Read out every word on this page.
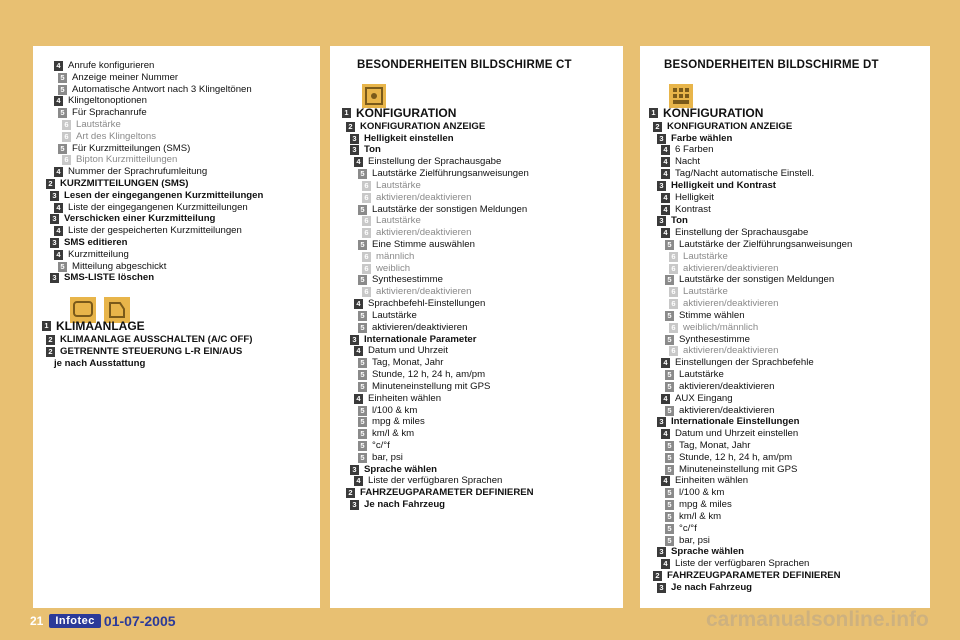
4 Anrufe konfigurieren
5 Anzeige meiner Nummer
5 Automatische Antwort nach 3 Klingeltönen
4 Klingeltonoptionen
5 Für Sprachanrufe
6 Lautstärke
6 Art des Klingeltons
5 Für Kurzmitteilungen (SMS)
6 Bipton Kurzmitteilungen
4 Nummer der Sprachrufumleitung
2 KURZMITTEILUNGEN (SMS)
3 Lesen der eingegangenen Kurzmitteilungen
4 Liste der eingegangenen Kurzmitteilungen
3 Verschicken einer Kurzmitteilung
4 Liste der gespeicherten Kurzmitteilungen
3 SMS editieren
4 Kurzmitteilung
5 Mitteilung abgeschickt
3 SMS-LISTE löschen
1 KLIMAANLAGE
2 KLIMAANLAGE AUSSCHALTEN (A/C OFF)
2 GETRENNTE STEUERUNG L-R EIN/AUS
je nach Ausstattung
BESONDERHEITEN BILDSCHIRME CT
1 KONFIGURATION
2 KONFIGURATION ANZEIGE
3 Helligkeit einstellen
3 Ton
4 Einstellung der Sprachausgabe
5 Lautstärke Zielführungsanweisungen
6 Lautstärke
6 aktivieren/deaktivieren
5 Lautstärke der sonstigen Meldungen
6 Lautstärke
6 aktivieren/deaktivieren
5 Eine Stimme auswählen
6 männlich
6 weiblich
5 Synthesestimme
6 aktivieren/deaktivieren
4 Sprachbefehl-Einstellungen
5 Lautstärke
5 aktivieren/deaktivieren
3 Internationale Parameter
4 Datum und Uhrzeit
5 Tag, Monat, Jahr
5 Stunde, 12 h, 24 h, am/pm
5 Minuteneinstellung mit GPS
4 Einheiten wählen
5 l/100 & km
5 mpg & miles
5 km/l & km
5 °c/°f
5 bar, psi
3 Sprache wählen
4 Liste der verfügbaren Sprachen
2 FAHRZEUGPARAMETER DEFINIEREN
3 Je nach Fahrzeug
BESONDERHEITEN BILDSCHIRME DT
1 KONFIGURATION
2 KONFIGURATION ANZEIGE
3 Farbe wählen
4 6 Farben
4 Nacht
4 Tag/Nacht automatische Einstell.
3 Helligkeit und Kontrast
4 Helligkeit
4 Kontrast
3 Ton
4 Einstellung der Sprachausgabe
5 Lautstärke der Zielführungsanweisungen
6 Lautstärke
6 aktivieren/deaktivieren
5 Lautstärke der sonstigen Meldungen
6 Lautstärke
6 aktivieren/deaktivieren
5 Stimme wählen
6 weiblich/männlich
5 Synthesestimme
6 aktivieren/deaktivieren
4 Einstellungen der Sprachbefehle
5 Lautstärke
5 aktivieren/deaktivieren
4 AUX Eingang
5 aktivieren/deaktivieren
3 Internationale Einstellungen
4 Datum und Uhrzeit einstellen
5 Tag, Monat, Jahr
5 Stunde, 12 h, 24 h, am/pm
5 Minuteneinstellung mit GPS
4 Einheiten wählen
5 l/100 & km
5 mpg & miles
5 km/l & km
5 °c/°f
5 bar, psi
3 Sprache wählen
4 Liste der verfügbaren Sprachen
2 FAHRZEUGPARAMETER DEFINIEREN
3 Je nach Fahrzeug
21	Infotec 01-07-2005	carmanualsonline.info
